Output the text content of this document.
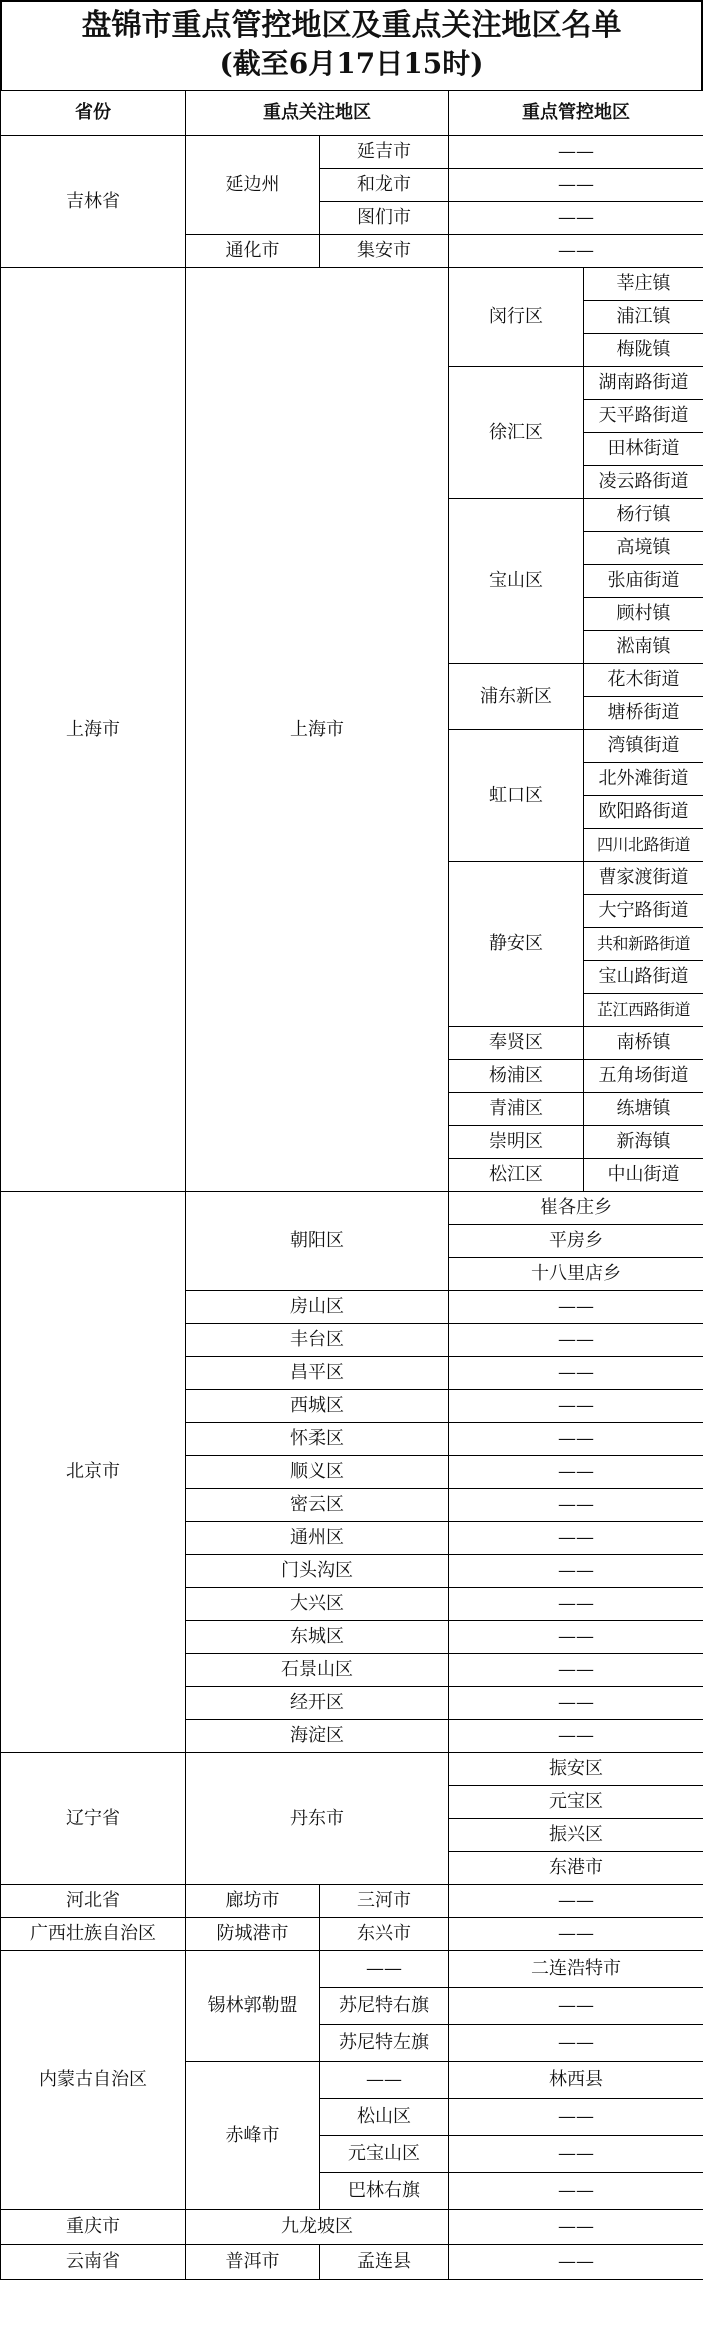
盘锦市重点管控地区及重点关注地区名单
(截至6月17日15时)
省份	重点关注地区		重点管控地区	
吉林省	延边州	延吉市	——	
		和龙市	——	
		图们市	——	
	通化市	集安市	——	
上海市	上海市		闵行区	莘庄镇
				浦江镇
				梅陇镇
			徐汇区	湖南路街道
				天平路街道
				田林街道
				凌云路街道
			宝山区	杨行镇
				高境镇
				张庙街道
				顾村镇
				淞南镇
			浦东新区	花木街道
				塘桥街道
			虹口区	湾镇街道
				北外滩街道
				欧阳路街道
				四川北路街道
			静安区	曹家渡街道
				大宁路街道
				共和新路街道
				宝山路街道
				芷江西路街道
			奉贤区	南桥镇
			杨浦区	五角场街道
			青浦区	练塘镇
			崇明区	新海镇
			松江区	中山街道
北京市	朝阳区		崔各庄乡	
			平房乡	
			十八里店乡	
	房山区		——	
	丰台区		——	
	昌平区		——	
	西城区		——	
	怀柔区		——	
	顺义区		——	
	密云区		——	
	通州区		——	
	门头沟区		——	
	大兴区		——	
	东城区		——	
	石景山区		——	
	经开区		——	
	海淀区		——	
辽宁省	丹东市		振安区	
			元宝区	
			振兴区	
			东港市	
河北省	廊坊市	三河市	——	
广西壮族自治区	防城港市	东兴市	——	
内蒙古自治区	锡林郭勒盟	——	二连浩特市	
		苏尼特右旗	——	
		苏尼特左旗	——	
	赤峰市	——	林西县	
		松山区	——	
		元宝山区	——	
		巴林右旗	——	
重庆市	九龙坡区		——	
云南省	普洱市	孟连县	——	
